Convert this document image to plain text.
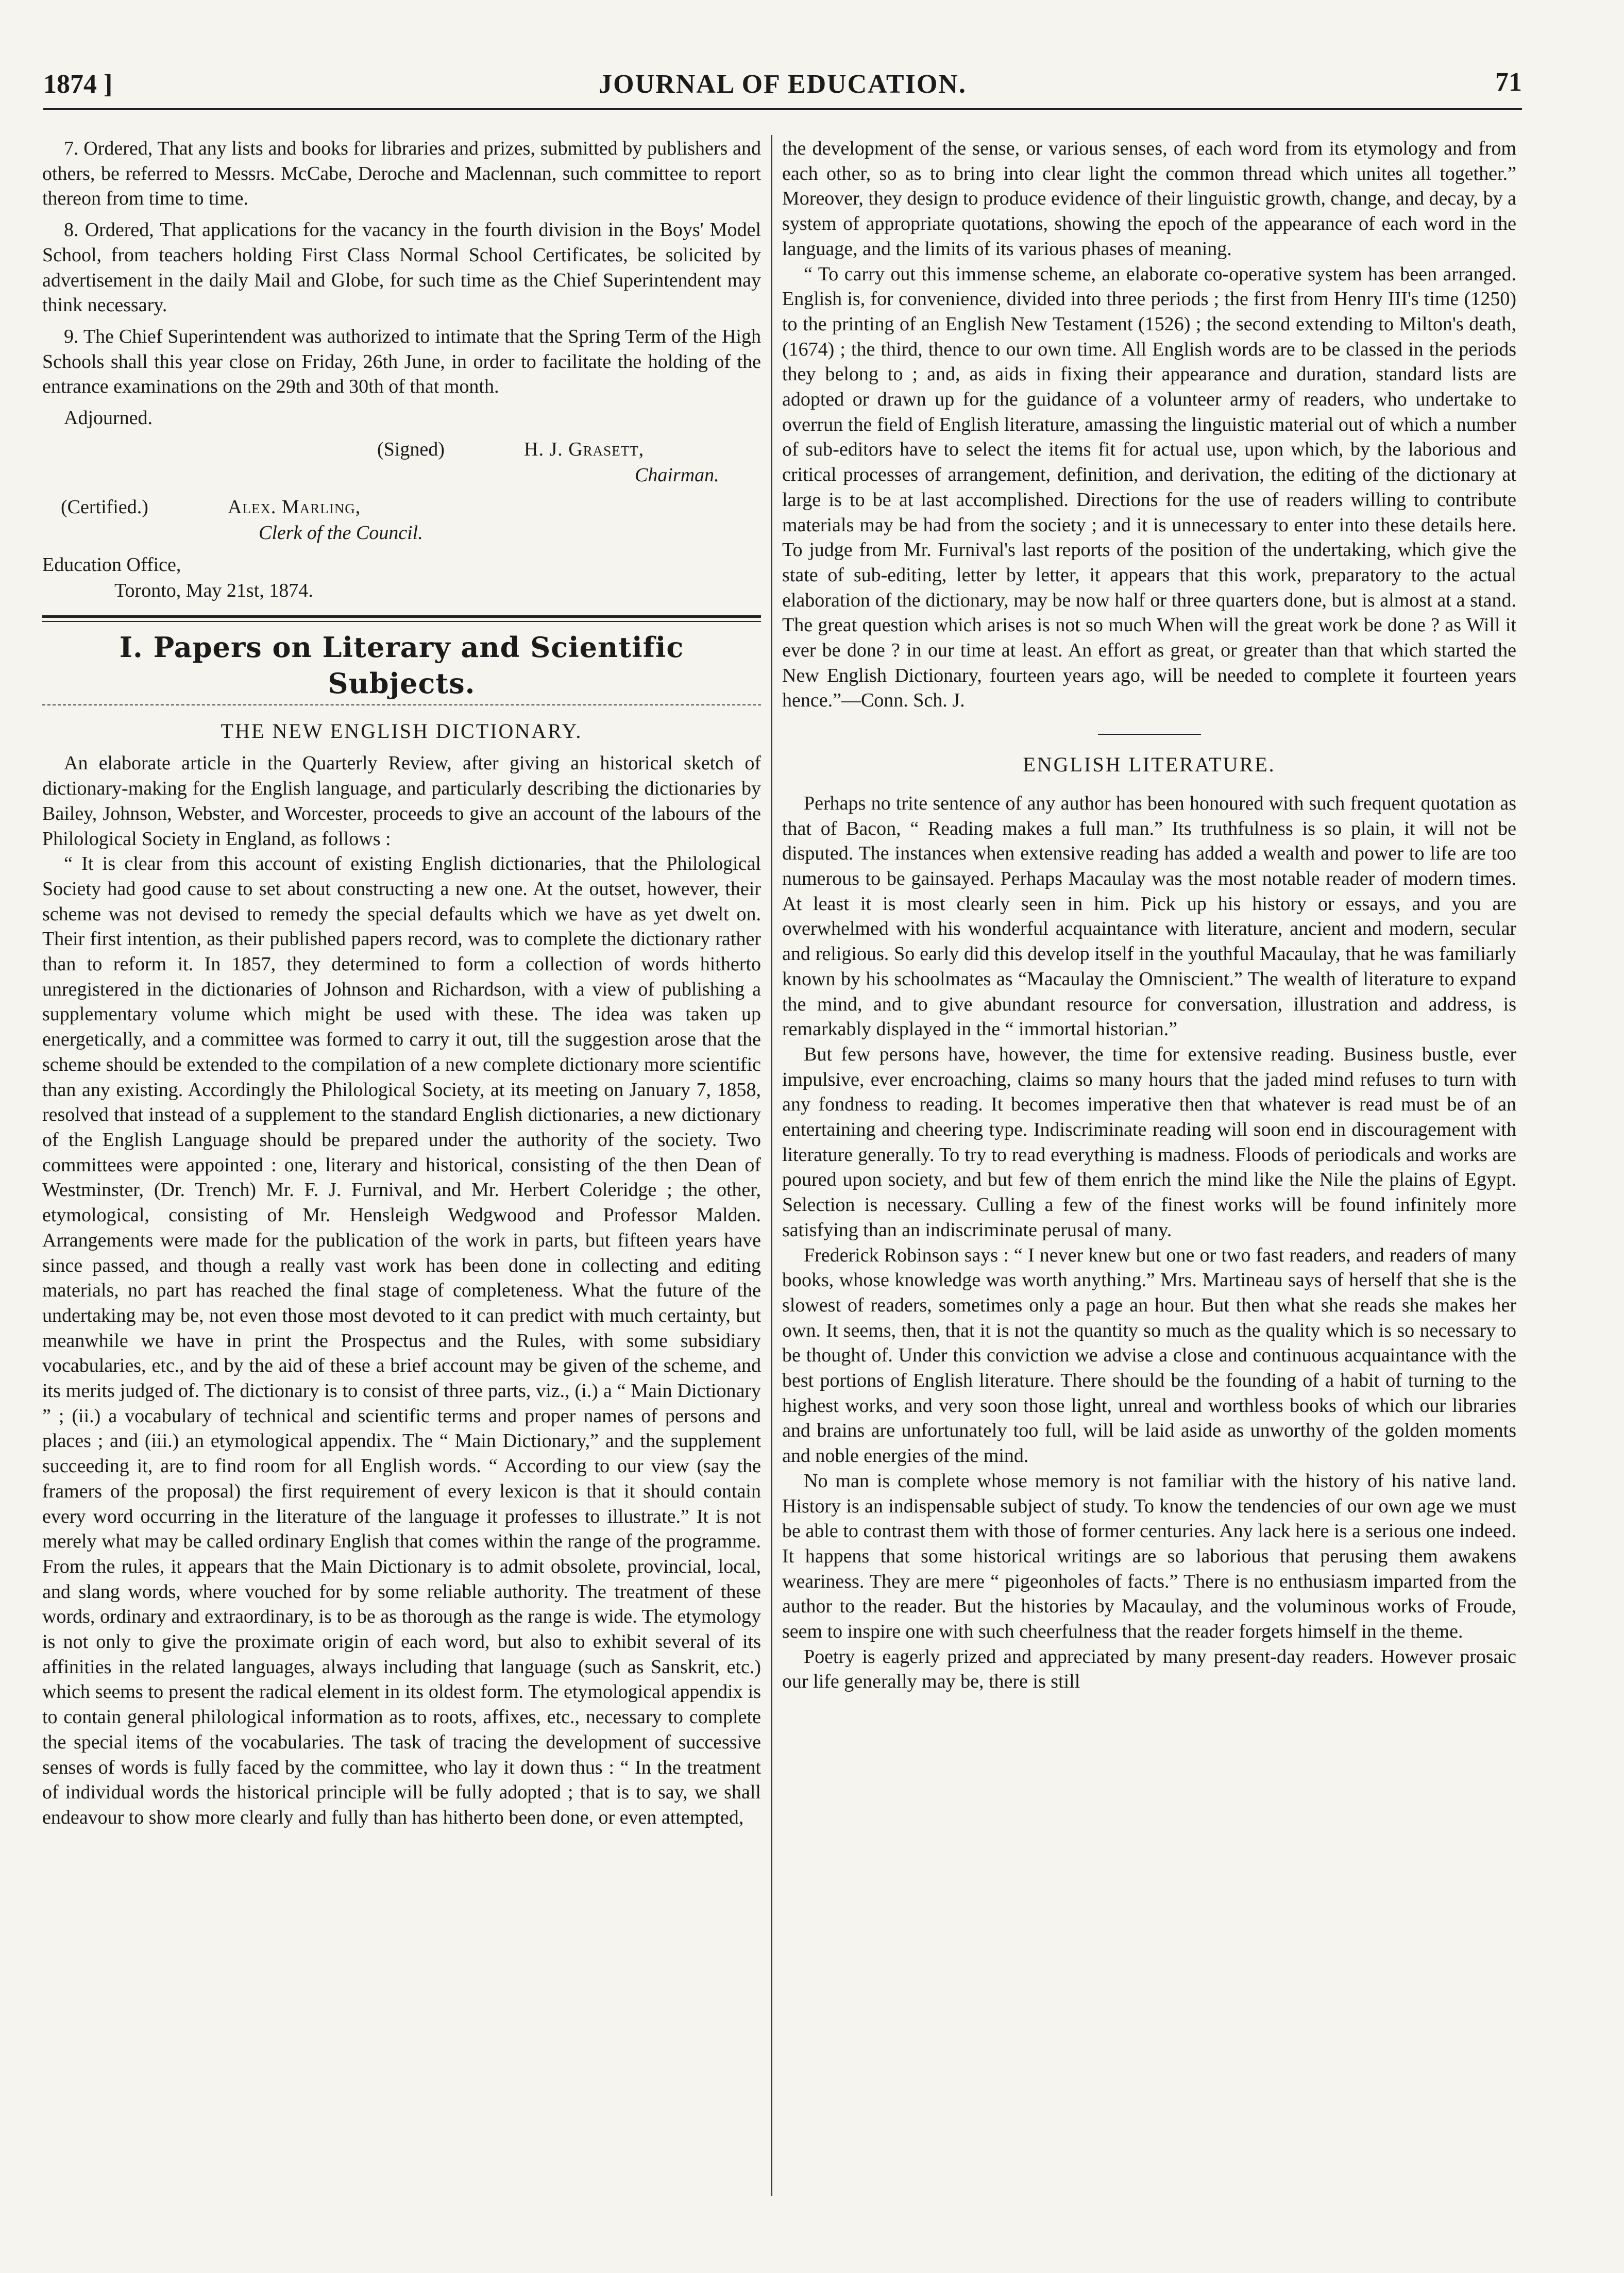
1874 ]	JOURNAL OF EDUCATION.	71

7. Ordered, That any lists and books for libraries and prizes, submitted by publishers and others, be referred to Messrs. McCabe, Deroche and Maclennan, such committee to report thereon from time to time.

8. Ordered, That applications for the vacancy in the fourth division in the Boys' Model School, from teachers holding First Class Normal School Certificates, be solicited by advertisement in the daily Mail and Globe, for such time as the Chief Superintendent may think necessary.

9. The Chief Superintendent was authorized to intimate that the Spring Term of the High Schools shall this year close on Friday, 26th June, in order to facilitate the holding of the entrance examinations on the 29th and 30th of that month.

Adjourned.

(Signed)	H. J. Grasett,
Chairman.
(Certified.)	Alex. Marling,
Clerk of the Council.
Education Office,
Toronto, May 21st, 1874.
I. Papers on Literary and Scientific Subjects.
THE NEW ENGLISH DICTIONARY.

An elaborate article in the Quarterly Review, after giving an historical sketch of dictionary-making for the English language, and particularly describing the dictionaries by Bailey, Johnson, Webster, and Worcester, proceeds to give an account of the labours of the Philological Society in England, as follows :

“ It is clear from this account of existing English dictionaries, that the Philological Society had good cause to set about constructing a new one. At the outset, however, their scheme was not devised to remedy the special defaults which we have as yet dwelt on. Their first intention, as their published papers record, was to complete the dictionary rather than to reform it. In 1857, they determined to form a collection of words hitherto unregistered in the dictionaries of Johnson and Richardson, with a view of publishing a supplementary volume which might be used with these. The idea was taken up energetically, and a committee was formed to carry it out, till the suggestion arose that the scheme should be extended to the compilation of a new complete dictionary more scientific than any existing. Accordingly the Philological Society, at its meeting on January 7, 1858, resolved that instead of a supplement to the standard English dictionaries, a new dictionary of the English Language should be prepared under the authority of the society. Two committees were appointed : one, literary and historical, consisting of the then Dean of Westminster, (Dr. Trench) Mr. F. J. Furnival, and Mr. Herbert Coleridge ; the other, etymological, consisting of Mr. Hensleigh Wedgwood and Professor Malden. Arrangements were made for the publication of the work in parts, but fifteen years have since passed, and though a really vast work has been done in collecting and editing materials, no part has reached the final stage of completeness. What the future of the undertaking may be, not even those most devoted to it can predict with much certainty, but meanwhile we have in print the Prospectus and the Rules, with some subsidiary vocabularies, etc., and by the aid of these a brief account may be given of the scheme, and its merits judged of. The dictionary is to consist of three parts, viz., (i.) a “ Main Dictionary ” ; (ii.) a vocabulary of technical and scientific terms and proper names of persons and places ; and (iii.) an etymological appendix. The “ Main Dictionary,” and the supplement succeeding it, are to find room for all English words. “ According to our view (say the framers of the proposal) the first requirement of every lexicon is that it should contain every word occurring in the literature of the language it professes to illustrate.” It is not merely what may be called ordinary English that comes within the range of the programme. From the rules, it appears that the Main Dictionary is to admit obsolete, provincial, local, and slang words, where vouched for by some reliable authority. The treatment of these words, ordinary and extraordinary, is to be as thorough as the range is wide. The etymology is not only to give the proximate origin of each word, but also to exhibit several of its affinities in the related languages, always including that language (such as Sanskrit, etc.) which seems to present the radical element in its oldest form. The etymological appendix is to contain general philological information as to roots, affixes, etc., necessary to complete the special items of the vocabularies. The task of tracing the development of successive senses of words is fully faced by the committee, who lay it down thus : “ In the treatment of individual words the historical principle will be fully adopted ; that is to say, we shall endeavour to show more clearly and fully than has hitherto been done, or even attempted,

the development of the sense, or various senses, of each word from its etymology and from each other, so as to bring into clear light the common thread which unites all together.” Moreover, they design to produce evidence of their linguistic growth, change, and decay, by a system of appropriate quotations, showing the epoch of the appearance of each word in the language, and the limits of its various phases of meaning.

“ To carry out this immense scheme, an elaborate co-operative system has been arranged. English is, for convenience, divided into three periods ; the first from Henry III's time (1250) to the printing of an English New Testament (1526) ; the second extending to Milton's death, (1674) ; the third, thence to our own time. All English words are to be classed in the periods they belong to ; and, as aids in fixing their appearance and duration, standard lists are adopted or drawn up for the guidance of a volunteer army of readers, who undertake to overrun the field of English literature, amassing the linguistic material out of which a number of sub-editors have to select the items fit for actual use, upon which, by the laborious and critical processes of arrangement, definition, and derivation, the editing of the dictionary at large is to be at last accomplished. Directions for the use of readers willing to contribute materials may be had from the society ; and it is unnecessary to enter into these details here. To judge from Mr. Furnival's last reports of the position of the undertaking, which give the state of sub-editing, letter by letter, it appears that this work, preparatory to the actual elaboration of the dictionary, may be now half or three quarters done, but is almost at a stand. The great question which arises is not so much When will the great work be done ? as Will it ever be done ? in our time at least. An effort as great, or greater than that which started the New English Dictionary, fourteen years ago, will be needed to complete it fourteen years hence.”—Conn. Sch. J.

ENGLISH LITERATURE.

Perhaps no trite sentence of any author has been honoured with such frequent quotation as that of Bacon, “ Reading makes a full man.” Its truthfulness is so plain, it will not be disputed. The instances when extensive reading has added a wealth and power to life are too numerous to be gainsayed. Perhaps Macaulay was the most notable reader of modern times. At least it is most clearly seen in him. Pick up his history or essays, and you are overwhelmed with his wonderful acquaintance with literature, ancient and modern, secular and religious. So early did this develop itself in the youthful Macaulay, that he was familiarly known by his schoolmates as “Macaulay the Omniscient.” The wealth of literature to expand the mind, and to give abundant resource for conversation, illustration and address, is remarkably displayed in the “ immortal historian.”

But few persons have, however, the time for extensive reading. Business bustle, ever impulsive, ever encroaching, claims so many hours that the jaded mind refuses to turn with any fondness to reading. It becomes imperative then that whatever is read must be of an entertaining and cheering type. Indiscriminate reading will soon end in discouragement with literature generally. To try to read everything is madness. Floods of periodicals and works are poured upon society, and but few of them enrich the mind like the Nile the plains of Egypt. Selection is necessary. Culling a few of the finest works will be found infinitely more satisfying than an indiscriminate perusal of many.

Frederick Robinson says : “ I never knew but one or two fast readers, and readers of many books, whose knowledge was worth anything.” Mrs. Martineau says of herself that she is the slowest of readers, sometimes only a page an hour. But then what she reads she makes her own. It seems, then, that it is not the quantity so much as the quality which is so necessary to be thought of. Under this conviction we advise a close and continuous acquaintance with the best portions of English literature. There should be the founding of a habit of turning to the highest works, and very soon those light, unreal and worthless books of which our libraries and brains are unfortunately too full, will be laid aside as unworthy of the golden moments and noble energies of the mind.

No man is complete whose memory is not familiar with the history of his native land. History is an indispensable subject of study. To know the tendencies of our own age we must be able to contrast them with those of former centuries. Any lack here is a serious one indeed. It happens that some historical writings are so laborious that perusing them awakens weariness. They are mere “ pigeonholes of facts.” There is no enthusiasm imparted from the author to the reader. But the histories by Macaulay, and the voluminous works of Froude, seem to inspire one with such cheerfulness that the reader forgets himself in the theme.

Poetry is eagerly prized and appreciated by many present-day readers. However prosaic our life generally may be, there is still
